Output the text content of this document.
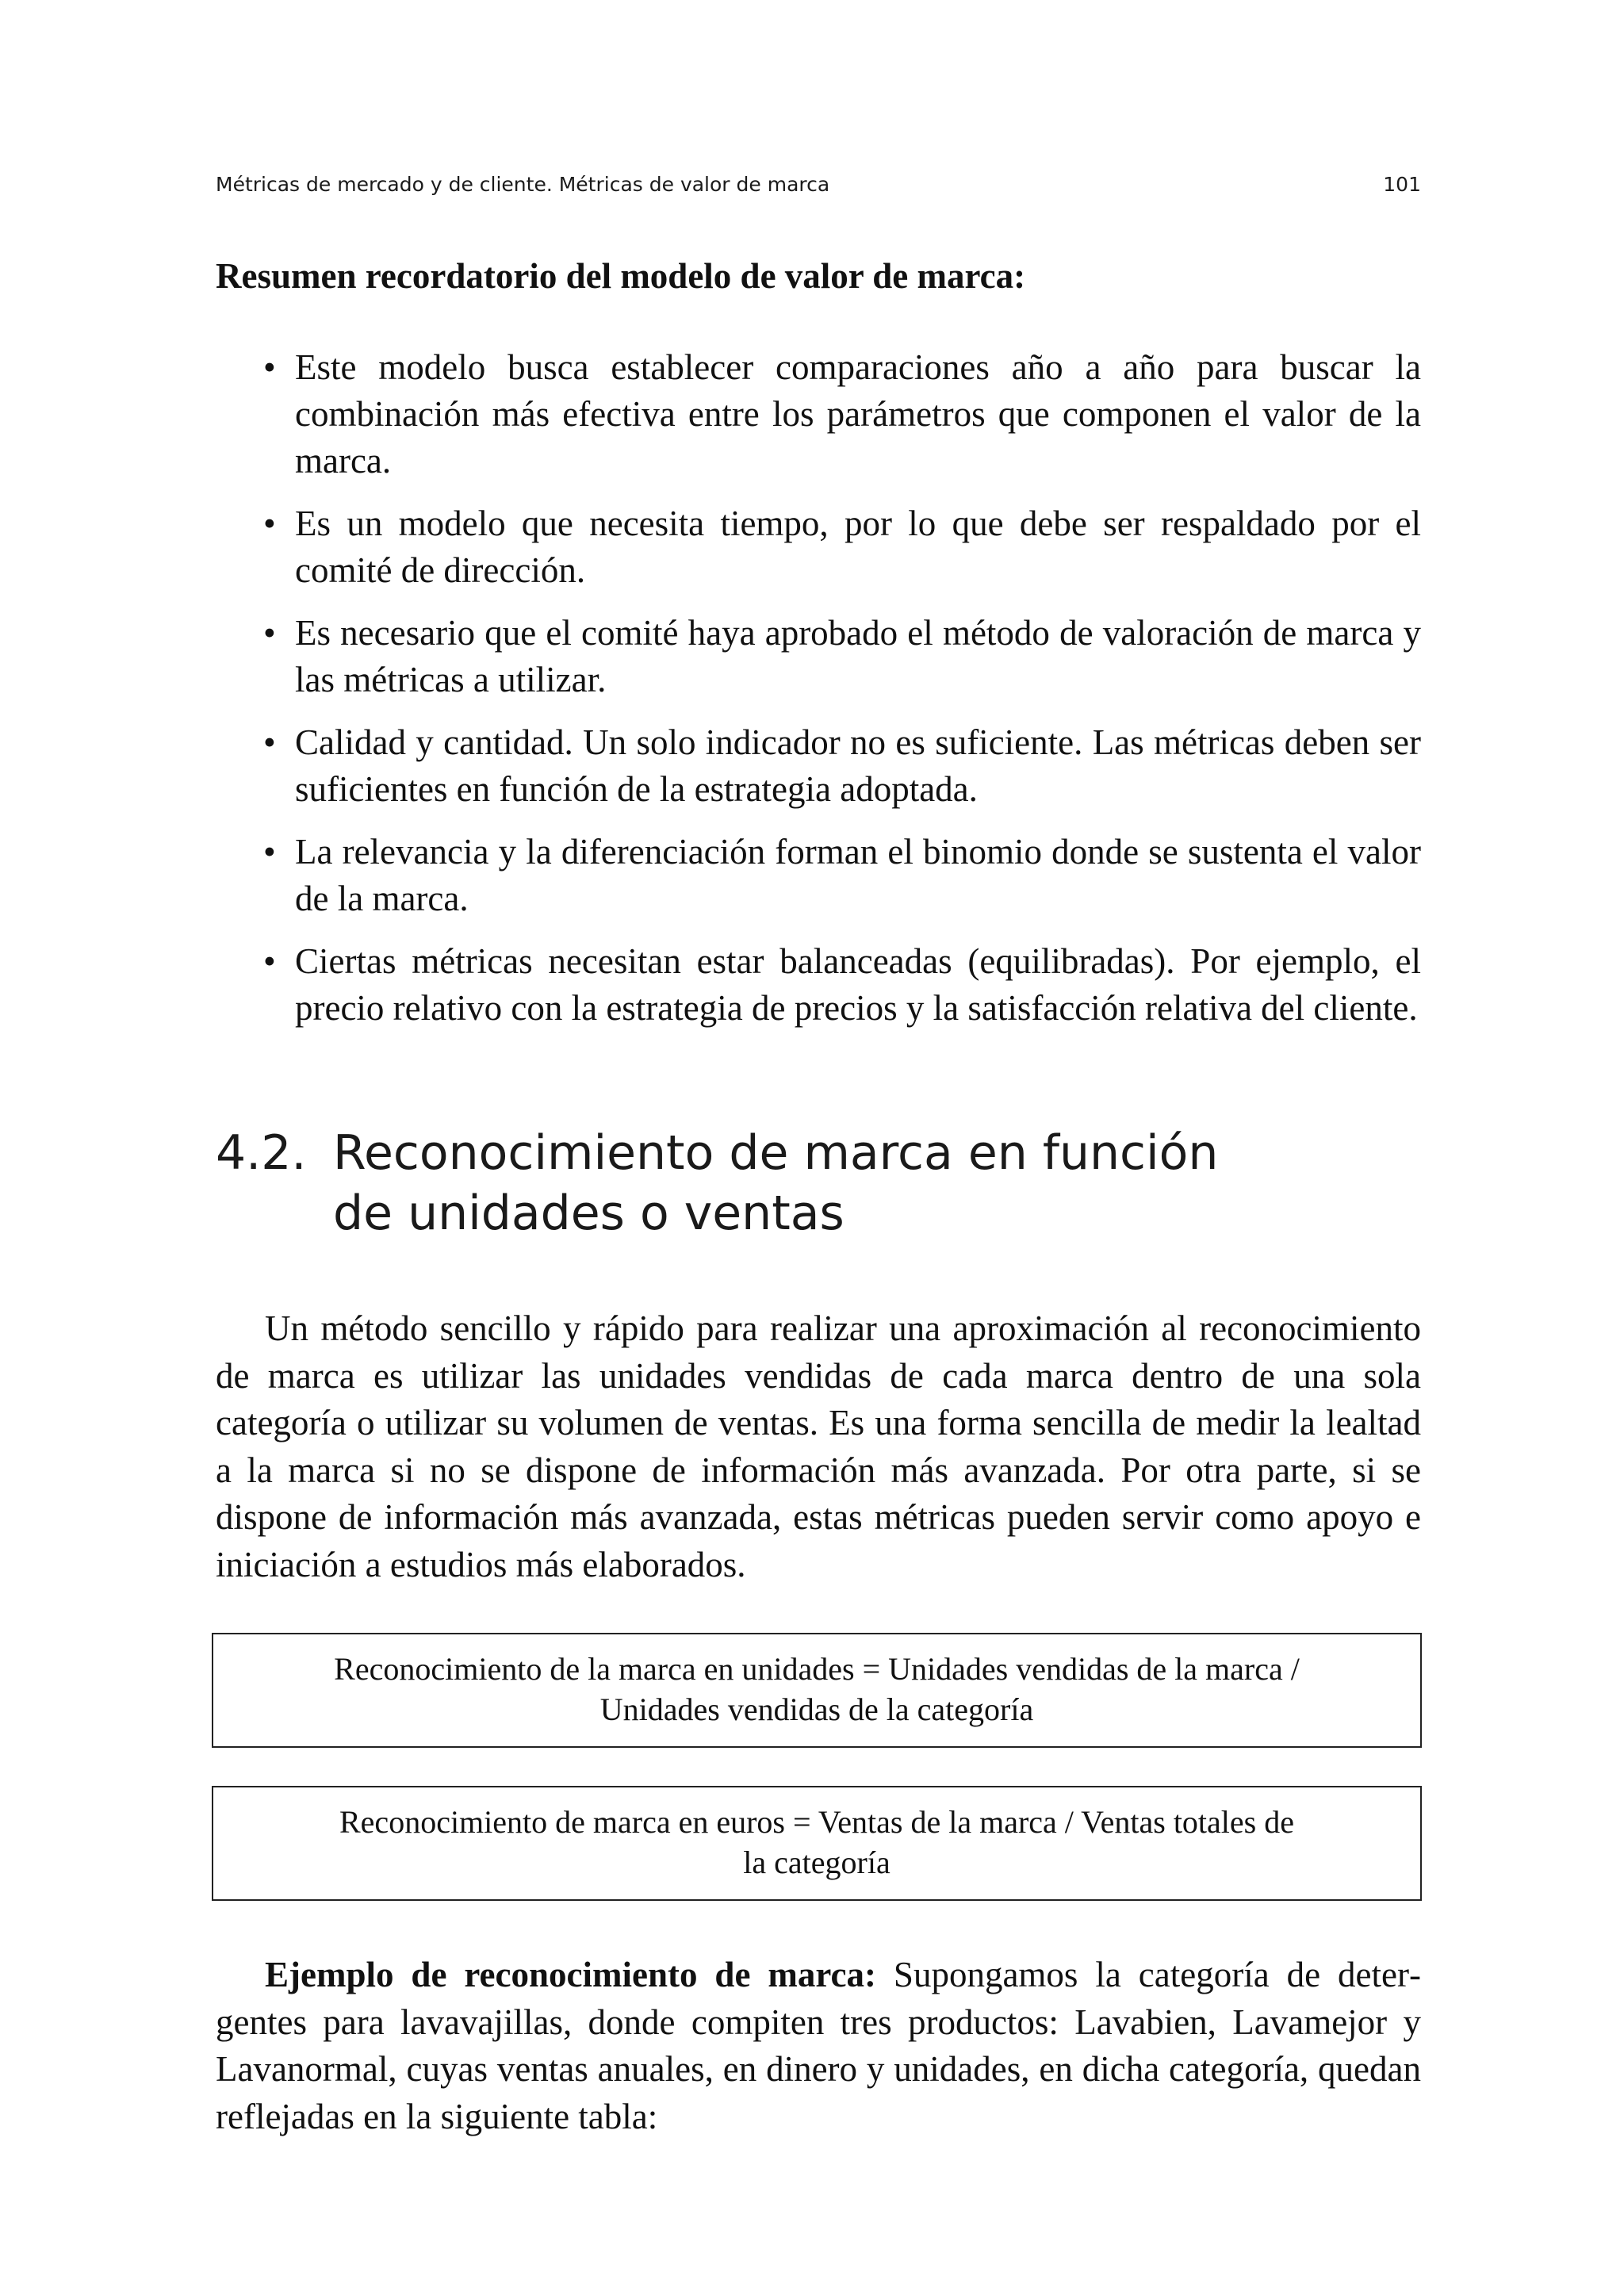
Métricas de mercado y de cliente. Métricas de valor de marca	101
Resumen recordatorio del modelo de valor de marca:
• Este modelo busca establecer comparaciones año a año para buscar la combinación más efectiva entre los parámetros que componen el valor de la marca.
• Es un modelo que necesita tiempo, por lo que debe ser respaldado por el comité de dirección.
• Es necesario que el comité haya aprobado el método de valoración de marca y las métricas a utilizar.
• Calidad y cantidad. Un solo indicador no es suficiente. Las métricas deben ser suficientes en función de la estrategia adoptada.
• La relevancia y la diferenciación forman el binomio donde se sustenta el valor de la marca.
• Ciertas métricas necesitan estar balanceadas (equilibradas). Por ejemplo, el precio relativo con la estrategia de precios y la satisfacción relativa del cliente.
4.2. Reconocimiento de marca en función de unidades o ventas

Un método sencillo y rápido para realizar una aproximación al reconocimiento de marca es utilizar las unidades vendidas de cada marca dentro de una sola categoría o utilizar su volumen de ventas. Es una forma sencilla de medir la lealtad a la marca si no se dispone de información más avanzada. Por otra parte, si se dispone de información más avanzada, estas métricas pueden servir como apoyo e iniciación a estudios más elaborados.

Reconocimiento de la marca en unidades = Unidades vendidas de la marca / Unidades vendidas de la categoría
Reconocimiento de marca en euros = Ventas de la marca / Ventas totales de la categoría

Ejemplo de reconocimiento de marca: Supongamos la categoría de detergentes para lavavajillas, donde compiten tres productos: Lavabien, Lavamejor y Lavanormal, cuyas ventas anuales, en dinero y unidades, en dicha categoría, quedan reflejadas en la siguiente tabla:
